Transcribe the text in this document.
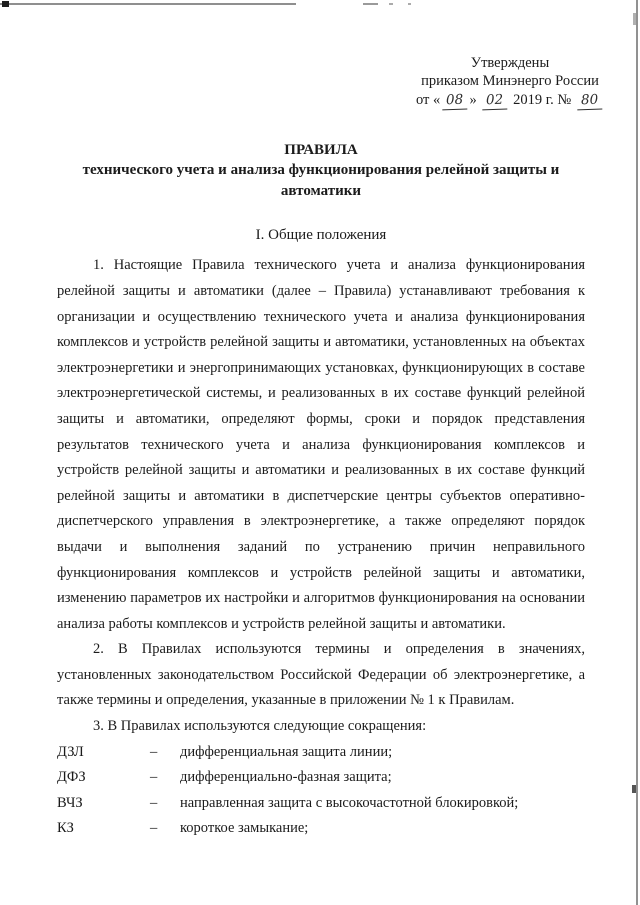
Утверждены
приказом Минэнерго России
от « 08 » 02 2019 г. № 80
ПРАВИЛА
технического учета и анализа функционирования релейной защиты и
автоматики
I. Общие положения
1. Настоящие Правила технического учета и анализа функционирования
релейной защиты и автоматики (далее – Правила) устанавливают требования к
организации и осуществлению технического учета и анализа функционирования
комплексов и устройств релейной защиты и автоматики, установленных на объектах
электроэнергетики и энергопринимающих установках, функционирующих в составе
электроэнергетической системы, и реализованных в их составе функций релейной
защиты и автоматики, определяют формы, сроки и порядок представления
результатов технического учета и анализа функционирования комплексов и
устройств релейной защиты и автоматики и реализованных в их составе функций
релейной защиты и автоматики в диспетчерские центры субъектов оперативно-
диспетчерского управления в электроэнергетике, а также определяют порядок
выдачи и выполнения заданий по устранению причин неправильного
функционирования комплексов и устройств релейной защиты и автоматики,
изменению параметров их настройки и алгоритмов функционирования на основании
анализа работы комплексов и устройств релейной защиты и автоматики.
2. В Правилах используются термины и определения в значениях,
установленных законодательством Российской Федерации об электроэнергетике, а
также термины и определения, указанные в приложении № 1 к Правилам.
3. В Правилах используются следующие сокращения:
ДЗЛ	–	дифференциальная защита линии;
ДФЗ	–	дифференциально-фазная защита;
ВЧЗ	–	направленная защита с высокочастотной блокировкой;
КЗ	–	короткое замыкание;
